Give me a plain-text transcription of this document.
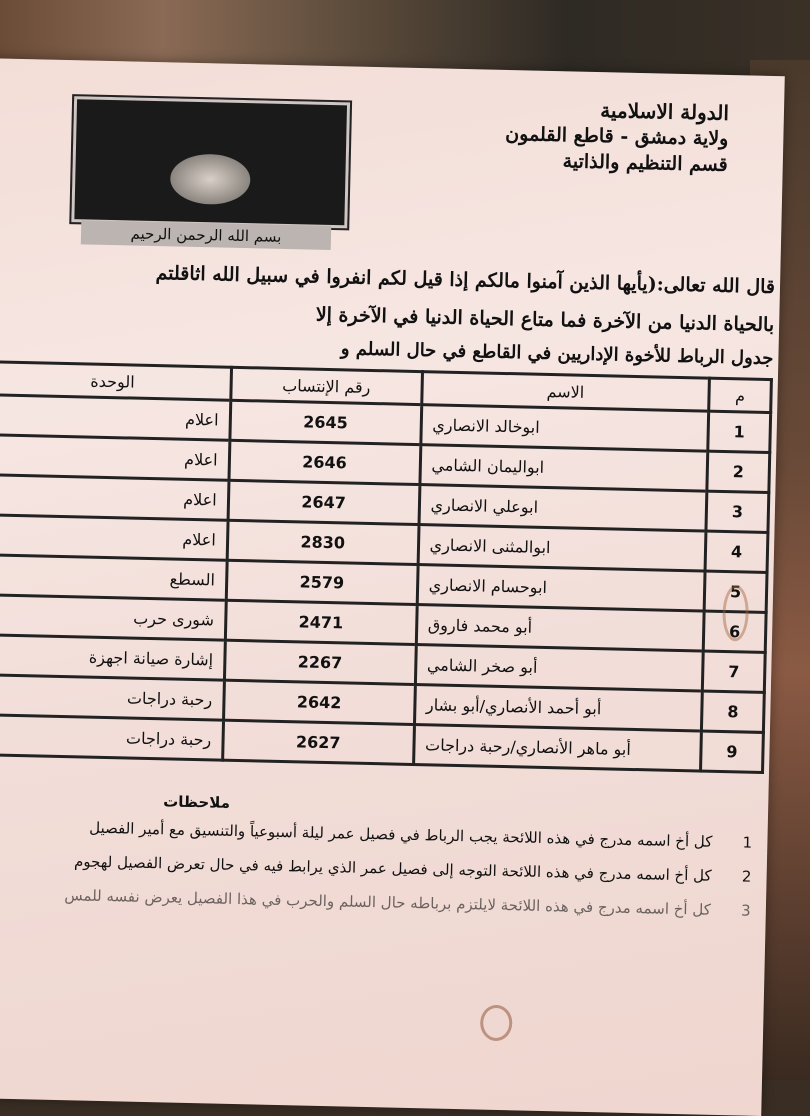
بسم الله الرحمن الرحيم
الدولة الاسلامية
ولاية دمشق - قاطع القلمون
قسم التنظيم والذاتية
قال الله تعالى:(يأيها الذين آمنوا مالكم إذا قيل لكم انفروا في سبيل الله اثاقلتم
بالحياة الدنيا من الآخرة فما متاع الحياة الدنيا في الآخرة إلا
جدول الرباط للأخوة الإداريين في القاطع في حال السلم و
م	الاسم	رقم الإنتساب	الوحدة
1	ابوخالد الانصاري	2645	اعلام
2	ابواليمان الشامي	2646	اعلام
3	ابوعلي الانصاري	2647	اعلام
4	ابوالمثنى الانصاري	2830	اعلام
5	ابوحسام الانصاري	2579	السطع
6	أبو محمد فاروق	2471	شورى حرب
7	أبو صخر الشامي	2267	إشارة صيانة اجهزة
8	أبو أحمد الأنصاري/أبو بشار	2642	رحبة دراجات
9	أبو ماهر الأنصاري/رحبة دراجات	2627	رحبة دراجات
ملاحظات
1كل أخ اسمه مدرج في هذه اللائحة يجب الرباط في فصيل عمر ليلة أسبوعياً والتنسيق مع أمير الفصيل
2كل أخ اسمه مدرج في هذه اللائحة التوجه إلى فصيل عمر الذي يرابط فيه في حال تعرض الفصيل لهجوم
3كل أخ اسمه مدرج في هذه اللائحة لايلتزم برباطه حال السلم والحرب في هذا الفصيل يعرض نفسه للمس
